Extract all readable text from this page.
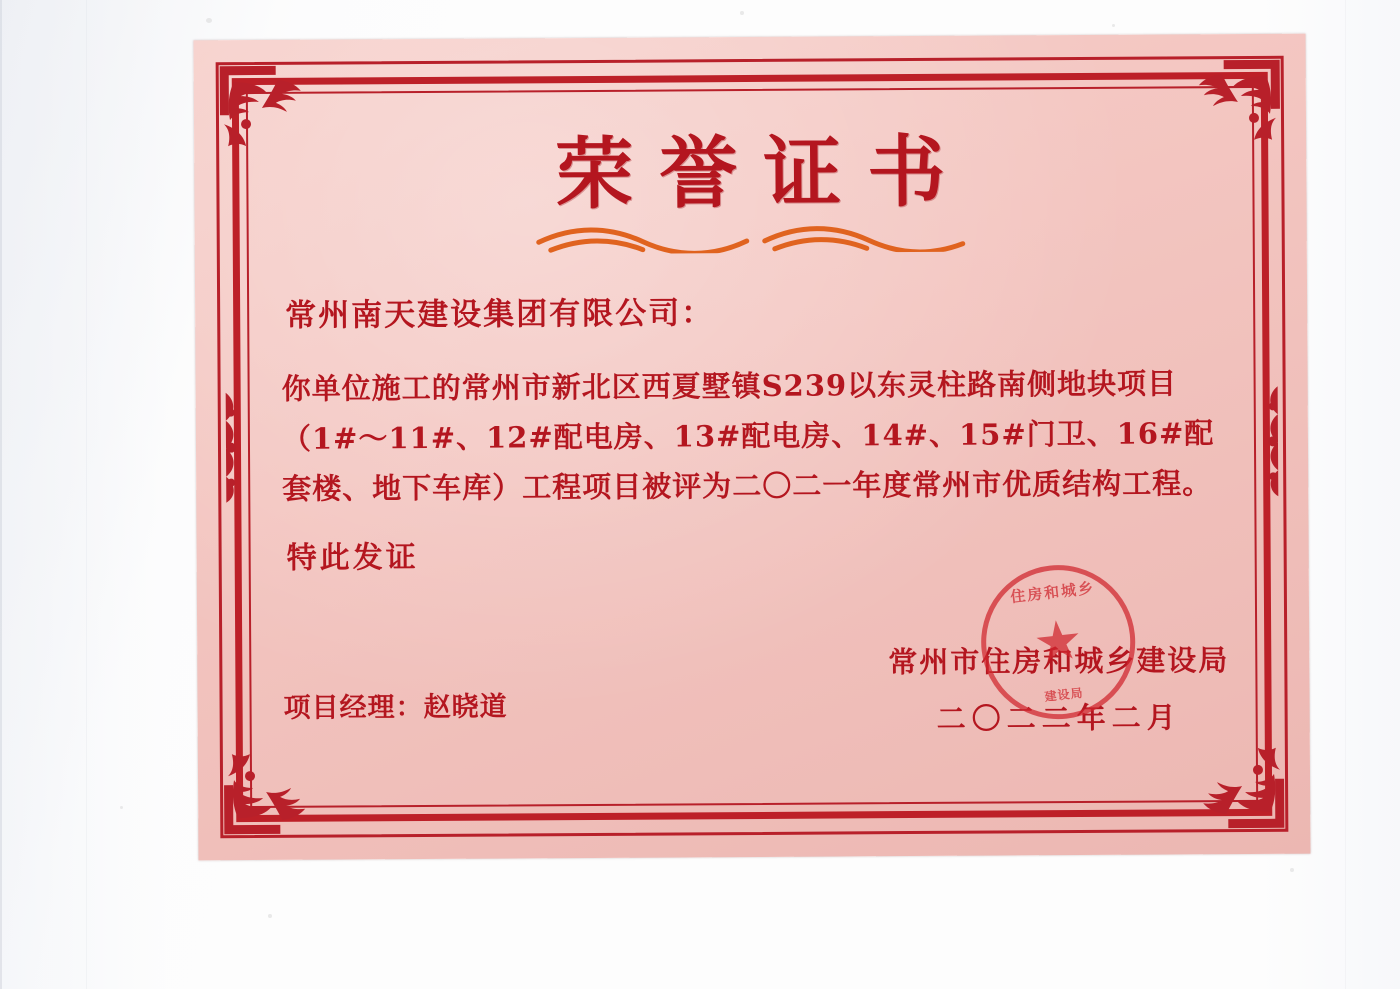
荣誉证书
常州南天建设集团有限公司：
你单位施工的常州市新北区西夏墅镇S239以东灵柱路南侧地块项目（1#～11#、12#配电房、13#配电房、14#、15#门卫、16#配套楼、地下车库）工程项目被评为二〇二一年度常州市优质结构工程。
特此发证
项目经理：赵晓道
住房和城乡
建设局
常州市住房和城乡建设局
二〇二二年二月
